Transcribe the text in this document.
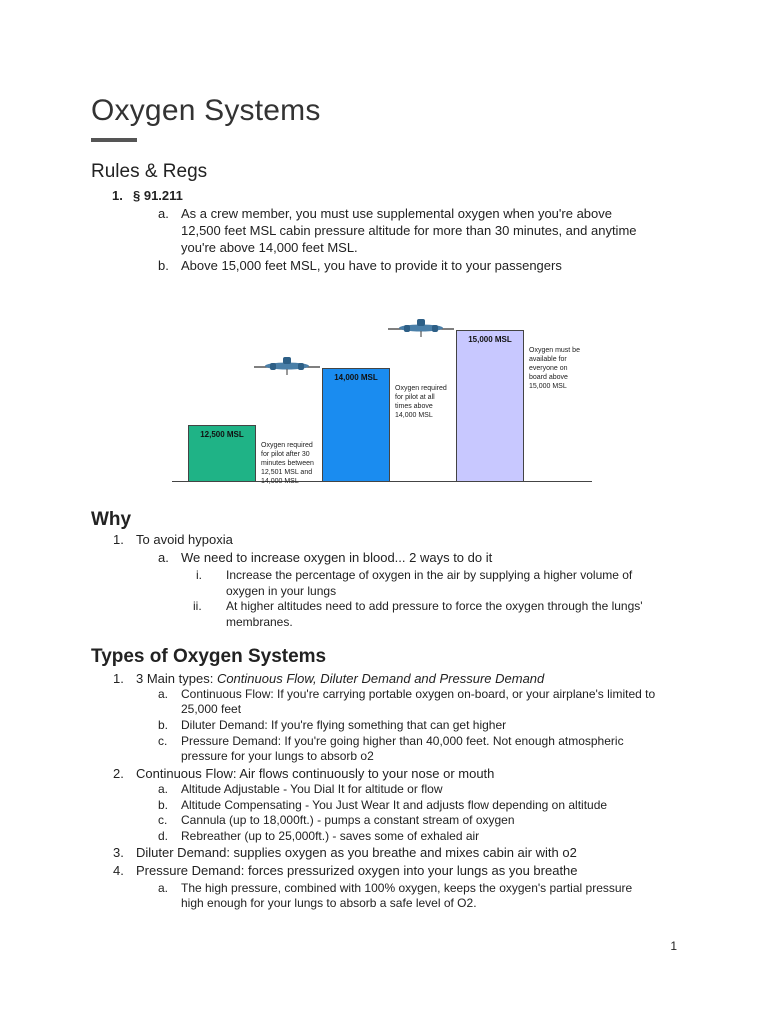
Oxygen Systems
Rules & Regs
1. § 91.211
a. As a crew member, you must use supplemental oxygen when you're above
12,500 feet MSL cabin pressure altitude for more than 30 minutes, and anytime
you're above 14,000 feet MSL.
b. Above 15,000 feet MSL, you have to provide it to your passengers
12,500 MSL
Oxygen required
for pilot after 30
minutes between
12,501 MSL and
14,000 MSL
14,000 MSL
Oxygen required
for pilot at all
times above
14,000 MSL
15,000 MSL
Oxygen must be
available for
everyone on
board above
15,000 MSL
Why
1. To avoid hypoxia
a. We need to increase oxygen in blood... 2 ways to do it
i. Increase the percentage of oxygen in the air by supplying a higher volume of
oxygen in your lungs
ii. At higher altitudes need to add pressure to force the oxygen through the lungs'
membranes.
Types of Oxygen Systems
1. 3 Main types: Continuous Flow, Diluter Demand and Pressure Demand
a. Continuous Flow: If you're carrying portable oxygen on-board, or your airplane's limited to
25,000 feet
b. Diluter Demand: If you're flying something that can get higher
c. Pressure Demand: If you're going higher than 40,000 feet. Not enough atmospheric
pressure for your lungs to absorb o2
2. Continuous Flow: Air flows continuously to your nose or mouth
a. Altitude Adjustable - You Dial It for altitude or flow
b. Altitude Compensating - You Just Wear It and adjusts flow depending on altitude
c. Cannula (up to 18,000ft.) - pumps a constant stream of oxygen
d. Rebreather (up to 25,000ft.) - saves some of exhaled air
3. Diluter Demand: supplies oxygen as you breathe and mixes cabin air with o2
4. Pressure Demand: forces pressurized oxygen into your lungs as you breathe
a. The high pressure, combined with 100% oxygen, keeps the oxygen's partial pressure
high enough for your lungs to absorb a safe level of O2.
1
